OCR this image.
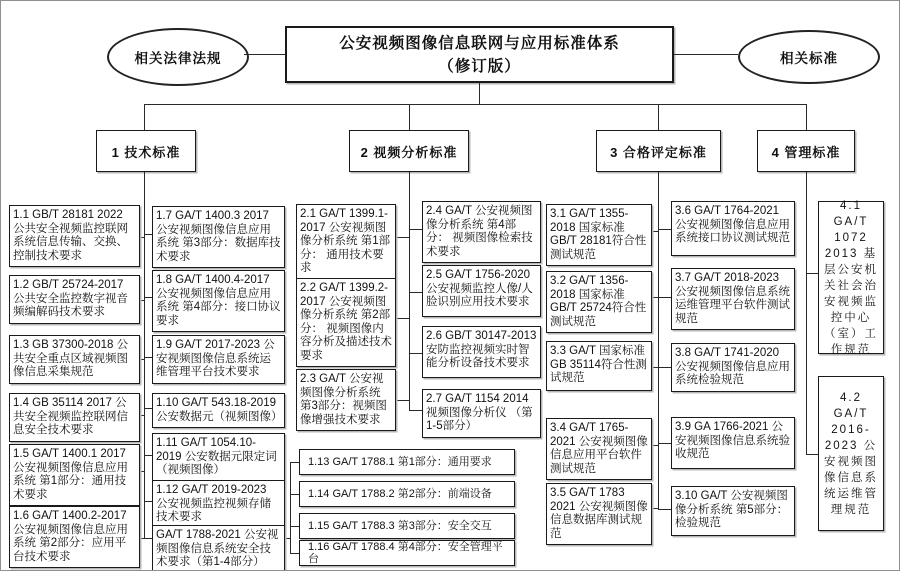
相关法律法规
公安视频图像信息联网与应用标准体系
（修订版）	相关标准
1 技术标准	2 视频分析标准	3 合格评定标准	4 管理标准
1.1 GB/T 28181 2022 公共安全视频监控联网系统信息传输、交换、控制技术要求
1.2 GB/T 25724-2017 公共安全监控数字视音频编解码技术要求
1.3 GB 37300-2018 公共安全重点区域视频图像信息采集规范
1.4 GB 35114 2017 公共安全视频监控联网信息安全技术要求
1.5 GA/T 1400.1 2017 公安视频图像信息应用系统 第1部分：通用技术要求
1.6 GA/T 1400.2-2017 公安视频图像信息应用系统 第2部分：应用平台技术要求
1.7 GA/T 1400.3 2017 公安视频图像信息应用系统 第3部分：数据库技术要求
1.8 GA/T 1400.4-2017 公安视频图像信息应用系统 第4部分：接口协议要求
1.9 GA/T 2017-2023 公安视频图像信息系统运维管理平台技术要求
1.10 GA/T 543.18-2019 公安数据元（视频图像）
1.11 GA/T 1054.10-2019 公安数据元限定词（视频图像）
1.12 GA/T 2019-2023 公安视频监控视频存储技术要求
GA/T 1788-2021 公安视频图像信息系统安全技术要求（第1-4部分）
1.13 GA/T 1788.1 第1部分：通用要求
1.14 GA/T 1788.2 第2部分：前端设备
1.15 GA/T 1788.3 第3部分：安全交互
1.16 GA/T 1788.4 第4部分：安全管理平台
2.1 GA/T 1399.1-2017 公安视频图像分析系统 第1部分： 通用技术要求
2.2 GA/T 1399.2-2017 公安视频图像分析系统 第2部分： 视频图像内容分析及描述技术要求
2.3 GA/T 公安视频图像分析系统 第3部分：视频图像增强技术要求
2.4 GA/T 公安视频图像分析系统 第4部分： 视频图像检索技术要求
2.5 GA/T 1756-2020 公安视频监控人像/人脸识别应用技术要求
2.6 GB/T 30147-2013 安防监控视频实时智能分析设备技术要求
2.7 GA/T 1154 2014 视频图像分析仪 （第1-5部分）
3.1 GA/T 1355-2018 国家标准GB/T 28181符合性测试规范
3.2 GA/T 1356-2018 国家标准GB/T 25724符合性测试规范
3.3 GA/T 国家标准 GB 35114符合性测试规范
3.4 GA/T 1765-2021 公安视频图像信息应用平台软件测试规范
3.5 GA/T 1783 2021 公安视频图像信息数据库测试规范
3.6 GA/T 1764-2021 公安视频图像信息应用系统接口协议测试规范
3.7 GA/T 2018-2023 公安视频图像信息系统运维管理平台软件测试规范
3.8 GA/T 1741-2020 公安视频图像信息应用系统检验规范
3.9 GA 1766-2021 公安视频图像信息系统验收规范
3.10 GA/T 公安视频图像分析系统 第5部分：检验规范
4.1 GA/T 1072 2013 基层公安机关社会治安视频监控中心（室）工作规范
4.2 GA/T 2016-2023 公安视频图像信息系统运维管理规范
